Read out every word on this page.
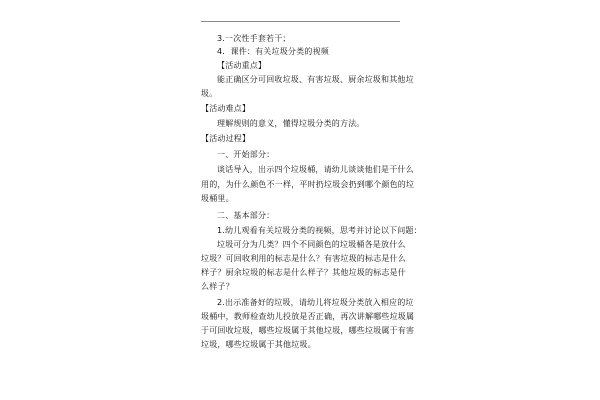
3.一次性手套若干；
4．课件：有关垃圾分类的视频
【活动重点】
能正确区分可回收垃圾、有害垃圾、厨余垃圾和其他垃
圾。
【活动难点】
理解规则的意义，懂得垃圾分类的方法。
【活动过程】
一、开始部分：
谈话导入，出示四个垃圾桶，请幼儿谈谈他们是干什么
用的，为什么颜色不一样，平时扔垃圾会扔到哪个颜色的垃
圾桶里。
二、基本部分：
1.幼儿观看有关垃圾分类的视频，思考并讨论以下问题：
垃圾可分为几类？四个不同颜色的垃圾桶各是放什么
垃圾？可回收利用的标志是什么？有害垃圾的标志是什么
样子？厨余垃圾的标志是什么样子？其他垃圾的标志是什
么样子？
2.出示准备好的垃圾，请幼儿将垃圾分类放入相应的垃
圾桶中，教师检查幼儿投放是否正确，再次讲解哪些垃圾属
于可回收垃圾，哪些垃圾属于其他垃圾，哪些垃圾属于有害
垃圾，哪些垃圾属于其他垃圾。
